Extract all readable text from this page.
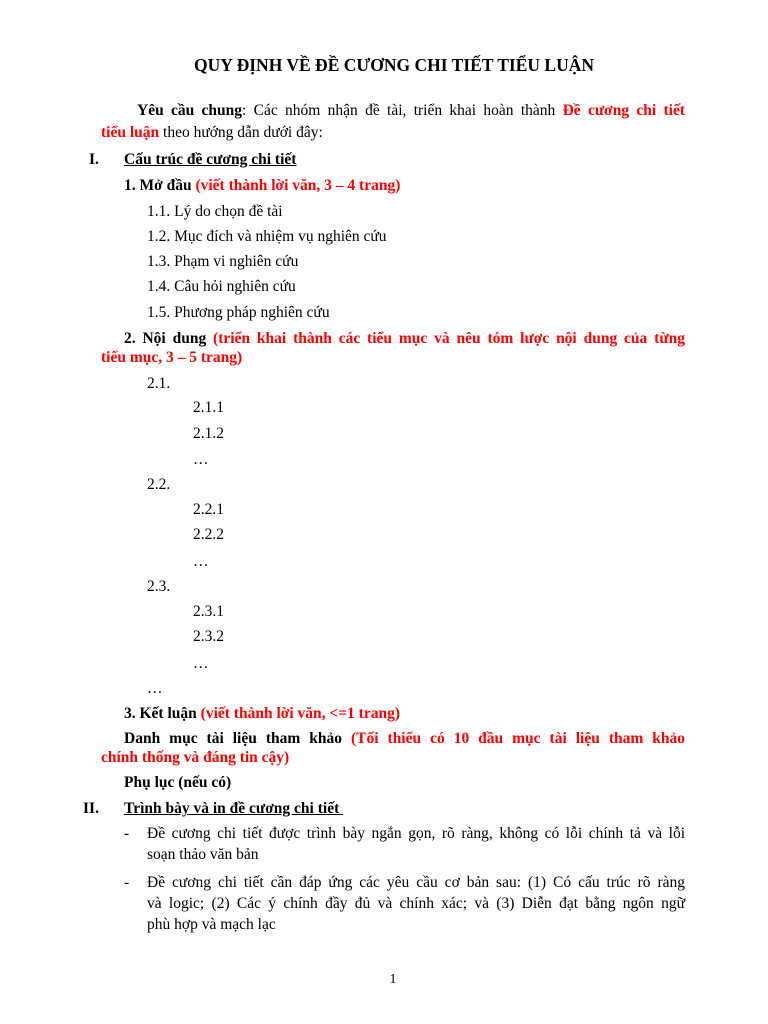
QUY ĐỊNH VỀ ĐỀ CƯƠNG CHI TIẾT TIỂU LUẬN
Yêu cầu chung: Các nhóm nhận đề tài, triển khai hoàn thành Đề cương chi tiết
tiểu luận theo hướng dẫn dưới đây:
I. Cấu trúc đề cương chi tiết
1. Mở đầu (viết thành lời văn, 3 – 4 trang)
1.1. Lý do chọn đề tài
1.2. Mục đích và nhiệm vụ nghiên cứu
1.3. Phạm vi nghiên cứu
1.4. Câu hỏi nghiên cứu
1.5. Phương pháp nghiên cứu
2. Nội dung (triển khai thành các tiểu mục và nêu tóm lược nội dung của từng
tiểu mục, 3 – 5 trang)
2.1.
2.1.1
2.1.2
…
2.2.
2.2.1
2.2.2
…
2.3.
2.3.1
2.3.2
…
…
3. Kết luận (viết thành lời văn, <=1 trang)
Danh mục tài liệu tham khảo (Tối thiểu có 10 đầu mục tài liệu tham khảo
chính thống và đáng tin cậy)
Phụ lục (nếu có)
II. Trình bày và in đề cương chi tiết
- Đề cương chi tiết được trình bày ngắn gọn, rõ ràng, không có lỗi chính tả và lỗi
soạn thảo văn bản
- Đề cương chi tiết cần đáp ứng các yêu cầu cơ bản sau: (1) Có cấu trúc rõ ràng
và logic; (2) Các ý chính đầy đủ và chính xác; và (3) Diễn đạt bằng ngôn ngữ
phù hợp và mạch lạc
1
